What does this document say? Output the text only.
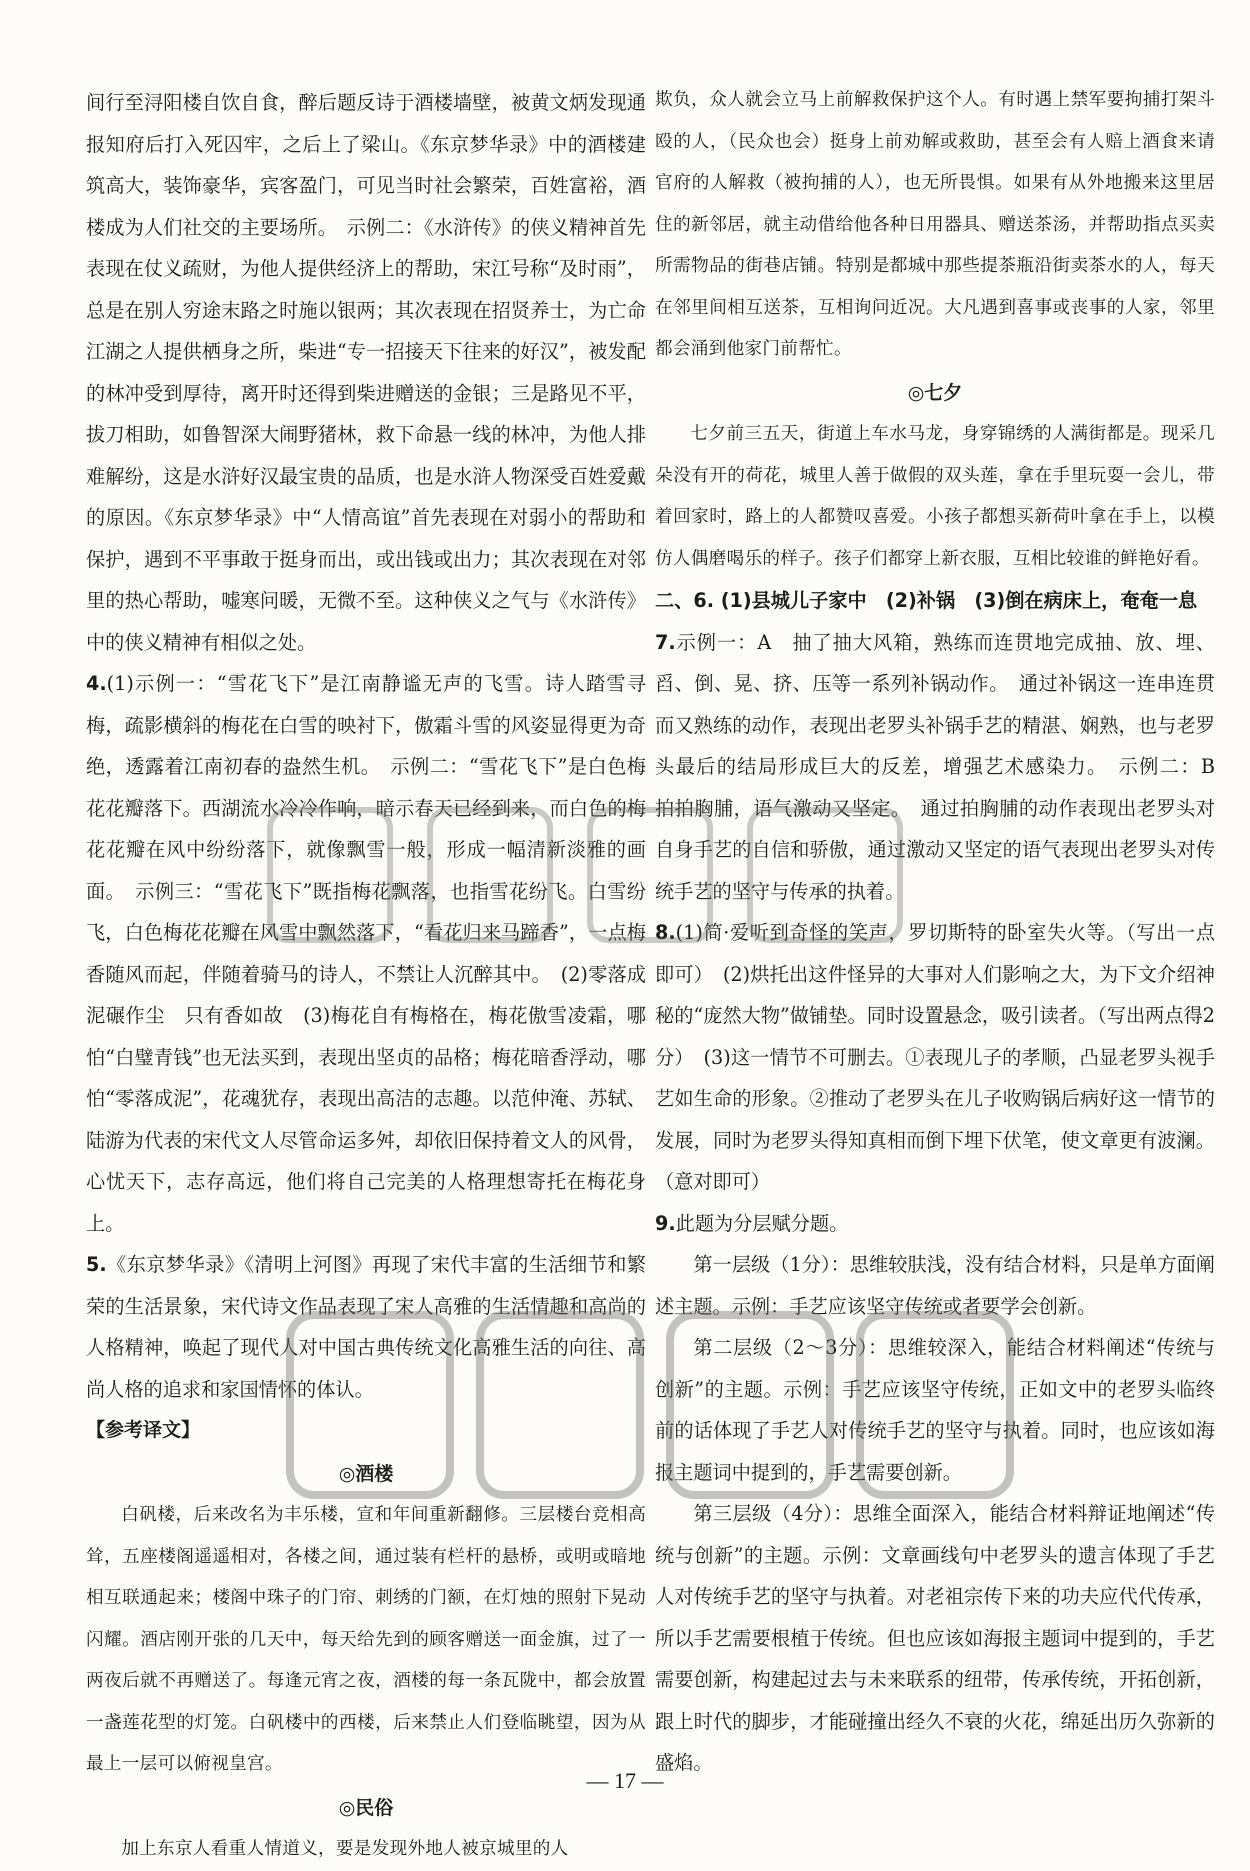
间行至浔阳楼自饮自食，醉后题反诗于酒楼墙壁，被黄文炳发现通报知府后打入死囚牢，之后上了梁山。《东京梦华录》中的酒楼建筑高大，装饰豪华，宾客盈门，可见当时社会繁荣，百姓富裕，酒楼成为人们社交的主要场所。　示例二：《水浒传》的侠义精神首先表现在仗义疏财，为他人提供经济上的帮助，宋江号称“及时雨”，总是在别人穷途末路之时施以银两；其次表现在招贤养士，为亡命江湖之人提供栖身之所，柴进“专一招接天下往来的好汉”，被发配的林冲受到厚待，离开时还得到柴进赠送的金银；三是路见不平，拔刀相助，如鲁智深大闹野猪林，救下命悬一线的林冲，为他人排难解纷，这是水浒好汉最宝贵的品质，也是水浒人物深受百姓爱戴的原因。《东京梦华录》中“人情高谊”首先表现在对弱小的帮助和保护，遇到不平事敢于挺身而出，或出钱或出力；其次表现在对邻里的热心帮助，嘘寒问暖，无微不至。这种侠义之气与《水浒传》中的侠义精神有相似之处。

4.(1)示例一：“雪花飞下”是江南静谧无声的飞雪。诗人踏雪寻梅，疏影横斜的梅花在白雪的映衬下，傲霜斗雪的风姿显得更为奇绝，透露着江南初春的盎然生机。　示例二：“雪花飞下”是白色梅花花瓣落下。西湖流水冷冷作响，暗示春天已经到来，而白色的梅花花瓣在风中纷纷落下，就像飘雪一般，形成一幅清新淡雅的画面。　示例三：“雪花飞下”既指梅花飘落，也指雪花纷飞。白雪纷飞，白色梅花花瓣在风雪中飘然落下，“看花归来马蹄香”，一点梅香随风而起，伴随着骑马的诗人，不禁让人沉醉其中。　(2)零落成泥碾作尘　只有香如故　(3)梅花自有梅格在，梅花傲雪凌霜，哪怕“白璧青钱”也无法买到，表现出坚贞的品格；梅花暗香浮动，哪怕“零落成泥”，花魂犹存，表现出高洁的志趣。以范仲淹、苏轼、陆游为代表的宋代文人尽管命运多舛，却依旧保持着文人的风骨，心忧天下，志存高远，他们将自己完美的人格理想寄托在梅花身上。

5.《东京梦华录》《清明上河图》再现了宋代丰富的生活细节和繁荣的生活景象，宋代诗文作品表现了宋人高雅的生活情趣和高尚的人格精神，唤起了现代人对中国古典传统文化高雅生活的向往、高尚人格的追求和家国情怀的体认。

【参考译文】

◎酒楼

白矾楼，后来改名为丰乐楼，宣和年间重新翻修。三层楼台竞相高耸，五座楼阁遥遥相对，各楼之间，通过装有栏杆的悬桥，或明或暗地相互联通起来；楼阁中珠子的门帘、刺绣的门额，在灯烛的照射下晃动闪耀。酒店刚开张的几天中，每天给先到的顾客赠送一面金旗，过了一两夜后就不再赠送了。每逢元宵之夜，酒楼的每一条瓦陇中，都会放置一盏莲花型的灯笼。白矾楼中的西楼，后来禁止人们登临眺望，因为从最上一层可以俯视皇宫。

◎民俗

加上东京人看重人情道义，要是发现外地人被京城里的人

欺负，众人就会立马上前解救保护这个人。有时遇上禁军要拘捕打架斗殴的人，（民众也会）挺身上前劝解或救助，甚至会有人赔上酒食来请官府的人解救（被拘捕的人），也无所畏惧。如果有从外地搬来这里居住的新邻居，就主动借给他各种日用器具、赠送茶汤，并帮助指点买卖所需物品的街巷店铺。特别是都城中那些提茶瓶沿街卖茶水的人，每天在邻里间相互送茶，互相询问近况。大凡遇到喜事或丧事的人家，邻里都会涌到他家门前帮忙。

◎七夕

七夕前三五天，街道上车水马龙，身穿锦绣的人满街都是。现采几朵没有开的荷花，城里人善于做假的双头莲，拿在手里玩耍一会儿，带着回家时，路上的人都赞叹喜爱。小孩子都想买新荷叶拿在手上，以模仿人偶磨喝乐的样子。孩子们都穿上新衣服，互相比较谁的鲜艳好看。

二、6. (1)县城儿子家中　(2)补锅　(3)倒在病床上，奄奄一息

7.示例一：A　抽了抽大风箱，熟练而连贯地完成抽、放、埋、舀、倒、晃、挤、压等一系列补锅动作。　通过补锅这一连串连贯而又熟练的动作，表现出老罗头补锅手艺的精湛、娴熟，也与老罗头最后的结局形成巨大的反差，增强艺术感染力。　示例二：B　拍拍胸脯，语气激动又坚定。　通过拍胸脯的动作表现出老罗头对自身手艺的自信和骄傲，通过激动又坚定的语气表现出老罗头对传统手艺的坚守与传承的执着。

8.(1)简·爱听到奇怪的笑声，罗切斯特的卧室失火等。（写出一点即可）　(2)烘托出这件怪异的大事对人们影响之大，为下文介绍神秘的“庞然大物”做铺垫。同时设置悬念，吸引读者。（写出两点得2分）　(3)这一情节不可删去。①表现儿子的孝顺，凸显老罗头视手艺如生命的形象。②推动了老罗头在儿子收购锅后病好这一情节的发展，同时为老罗头得知真相而倒下埋下伏笔，使文章更有波澜。（意对即可）

9.此题为分层赋分题。

第一层级（1分）：思维较肤浅，没有结合材料，只是单方面阐述主题。示例：手艺应该坚守传统或者要学会创新。

第二层级（2～3分）：思维较深入，能结合材料阐述“传统与创新”的主题。示例：手艺应该坚守传统，正如文中的老罗头临终前的话体现了手艺人对传统手艺的坚守与执着。同时，也应该如海报主题词中提到的，手艺需要创新。

第三层级（4分）：思维全面深入，能结合材料辩证地阐述“传统与创新”的主题。示例：文章画线句中老罗头的遗言体现了手艺人对传统手艺的坚守与执着。对老祖宗传下来的功夫应代代传承，所以手艺需要根植于传统。但也应该如海报主题词中提到的，手艺需要创新，构建起过去与未来联系的纽带，传承传统，开拓创新，跟上时代的脚步，才能碰撞出经久不衰的火花，绵延出历久弥新的盛焰。

— 17 —
